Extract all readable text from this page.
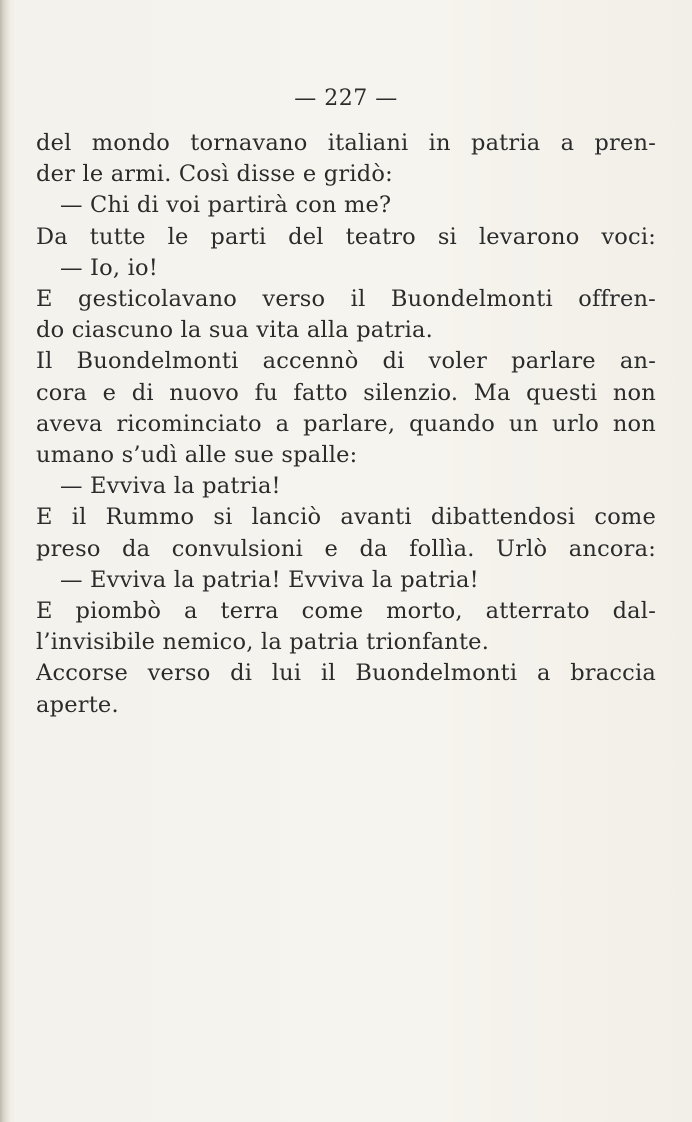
— 227 —
del mondo tornavano italiani in patria a pren-
der le armi. Così disse e gridò:
— Chi di voi partirà con me?
Da tutte le parti del teatro si levarono voci:
— Io, io!
E gesticolavano verso il Buondelmonti offren-
do ciascuno la sua vita alla patria.
Il Buondelmonti accennò di voler parlare an-
cora e di nuovo fu fatto silenzio. Ma questi non
aveva ricominciato a parlare, quando un urlo non
umano s’udì alle sue spalle:
— Evviva la patria!
E il Rummo si lanciò avanti dibattendosi come
preso da convulsioni e da follìa. Urlò ancora:
— Evviva la patria! Evviva la patria!
E piombò a terra come morto, atterrato dal-
l’invisibile nemico, la patria trionfante.
Accorse verso di lui il Buondelmonti a braccia
aperte.
